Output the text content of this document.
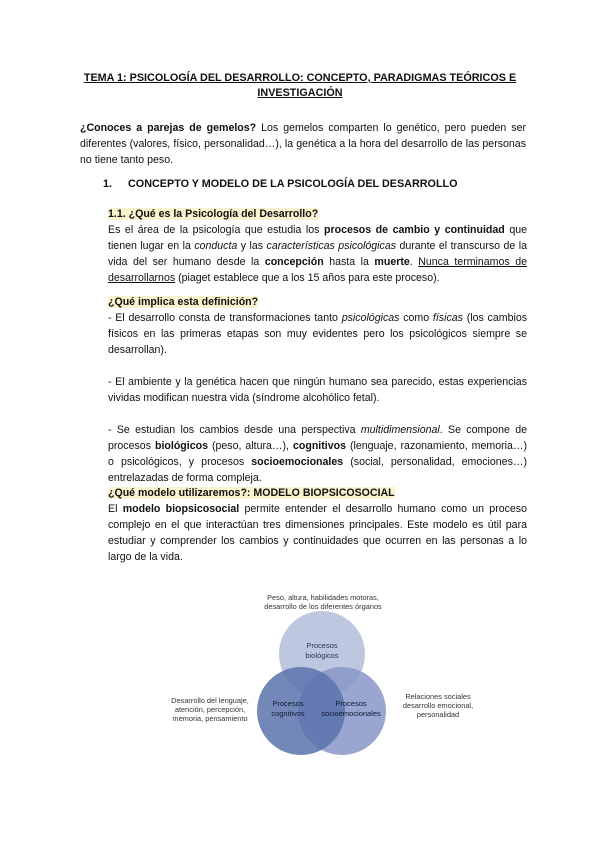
TEMA 1: PSICOLOGÍA DEL DESARROLLO: CONCEPTO, PARADIGMAS TEÓRICOS E
INVESTIGACIÓN

¿Conoces a parejas de gemelos? Los gemelos comparten lo genético, pero pueden ser diferentes (valores, físico, personalidad…), la genética a la hora del desarrollo de las personas no tiene tanto peso.

1. CONCEPTO Y MODELO DE LA PSICOLOGÍA DEL DESARROLLO

1.1. ¿Qué es la Psicología del Desarrollo?

Es el área de la psicología que estudia los procesos de cambio y continuidad que tienen lugar en la conducta y las características psicológicas durante el transcurso de la vida del ser humano desde la concepción hasta la muerte. Nunca terminamos de desarrollarnos (piaget establece que a los 15 años para este proceso).

¿Qué implica esta definición?

- El desarrollo consta de transformaciones tanto psicológicas como físicas (los cambios físicos en las primeras etapas son muy evidentes pero los psicológicos siempre se desarrollan).

- El ambiente y la genética hacen que ningún humano sea parecido, estas experiencias vividas modifican nuestra vida (síndrome alcohólico fetal).

- Se estudian los cambios desde una perspectiva multidimensional. Se compone de procesos biológicos (peso, altura…), cognitivos (lenguaje, razonamiento, memoria…) o psicológicos, y procesos socioemocionales (social, personalidad, emociones…) entrelazadas de forma compleja.

¿Qué modelo utilizaremos?: MODELO BIOPSICOSOCIAL

El modelo biopsicosocial permite entender el desarrollo humano como un proceso complejo en el que interactúan tres dimensiones principales. Este modelo es útil para estudiar y comprender los cambios y continuidades que ocurren en las personas a lo largo de la vida.

Procesos
biológicos
Procesos
cognitivos
Procesos
socioemocionales
Peso, altura, habilidades motoras,
desarrollo de los diferentes órganos
Desarrollo del lenguaje,
atención, percepción,
memoria, pensamiento
Relaciones sociales
desarrollo emocional,
personalidad
